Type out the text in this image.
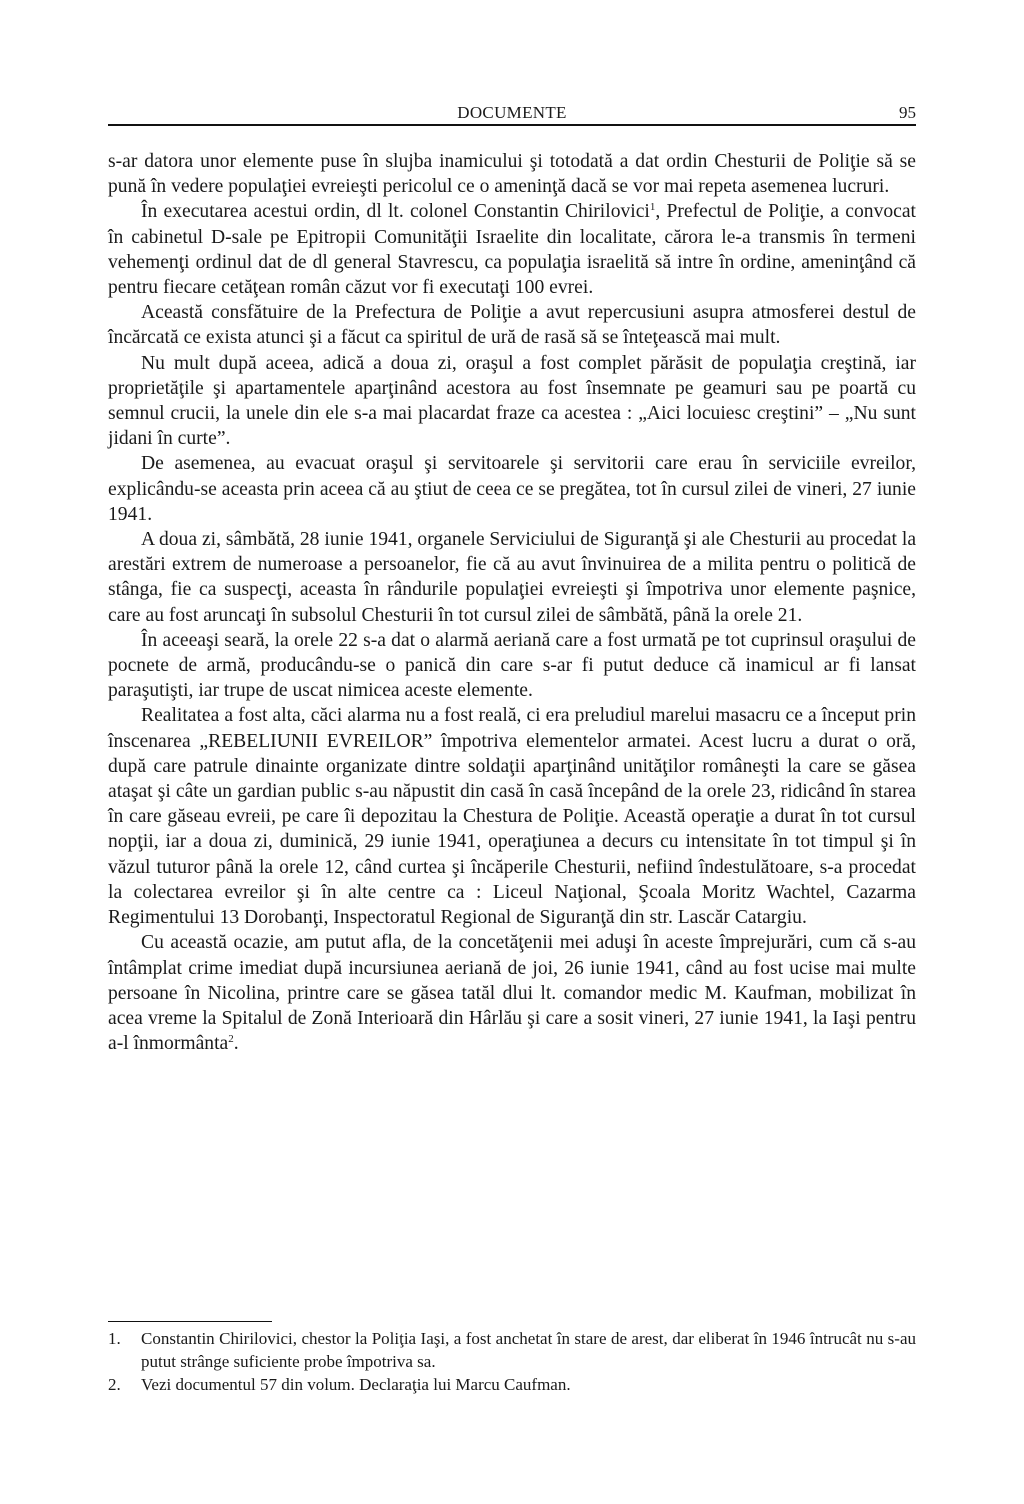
DOCUMENTE	95

s-ar datora unor elemente puse în slujba inamicului şi totodată a dat ordin Chesturii de Poliţie să se pună în vedere populaţiei evreieşti pericolul ce o ameninţă dacă se vor mai repeta asemenea lucruri.

În executarea acestui ordin, dl lt. colonel Constantin Chirilovici$^1$, Prefectul de Poliţie, a convocat în cabinetul D-sale pe Epitropii Comunităţii Israelite din localitate, cărora le-a transmis în termeni vehemenţi ordinul dat de dl general Stavrescu, ca populaţia israelită să intre în ordine, ameninţând că pentru fiecare cetăţean român căzut vor fi executaţi 100 evrei.

Această consfătuire de la Prefectura de Poliţie a avut repercusiuni asupra atmosferei destul de încărcată ce exista atunci şi a făcut ca spiritul de ură de rasă să se înteţească mai mult.

Nu mult după aceea, adică a doua zi, oraşul a fost complet părăsit de populaţia creştină, iar proprietăţile şi apartamentele aparţinând acestora au fost însemnate pe geamuri sau pe poartă cu semnul crucii, la unele din ele s-a mai placardat fraze ca acestea : „Aici locuiesc creştini” – „Nu sunt jidani în curte”.

De asemenea, au evacuat oraşul şi servitoarele şi servitorii care erau în serviciile evreilor, explicându-se aceasta prin aceea că au ştiut de ceea ce se pregătea, tot în cursul zilei de vineri, 27 iunie 1941.

A doua zi, sâmbătă, 28 iunie 1941, organele Serviciului de Siguranţă şi ale Chesturii au procedat la arestări extrem de numeroase a persoanelor, fie că au avut învinuirea de a milita pentru o politică de stânga, fie ca suspecţi, aceasta în rândurile populaţiei evreieşti şi împotriva unor elemente paşnice, care au fost aruncaţi în subsolul Chesturii în tot cursul zilei de sâmbătă, până la orele 21.

În aceeaşi seară, la orele 22 s-a dat o alarmă aeriană care a fost urmată pe tot cuprinsul oraşului de pocnete de armă, producându-se o panică din care s-ar fi putut deduce că inamicul ar fi lansat paraşutişti, iar trupe de uscat nimicea aceste elemente.

Realitatea a fost alta, căci alarma nu a fost reală, ci era preludiul marelui masacru ce a început prin înscenarea „REBELIUNII EVREILOR” împotriva elementelor armatei. Acest lucru a durat o oră, după care patrule dinainte organizate dintre soldaţii aparţinând unităţilor româneşti la care se găsea ataşat şi câte un gardian public s-au năpustit din casă în casă începând de la orele 23, ridicând în starea în care găseau evreii, pe care îi depozitau la Chestura de Poliţie. Această operaţie a durat în tot cursul nopţii, iar a doua zi, duminică, 29 iunie 1941, operaţiunea a decurs cu intensitate în tot timpul şi în văzul tuturor până la orele 12, când curtea şi încăperile Chesturii, nefiind îndestulătoare, s-a procedat la colectarea evreilor şi în alte centre ca : Liceul Naţional, Şcoala Moritz Wachtel, Cazarma Regimentului 13 Dorobanţi, Inspectoratul Regional de Siguranţă din str. Lascăr Catargiu.

Cu această ocazie, am putut afla, de la concetăţenii mei aduşi în aceste împrejurări, cum că s-au întâmplat crime imediat după incursiunea aeriană de joi, 26 iunie 1941, când au fost ucise mai multe persoane în Nicolina, printre care se găsea tatăl dlui lt. comandor medic M. Kaufman, mobilizat în acea vreme la Spitalul de Zonă Interioară din Hârlău şi care a sosit vineri, 27 iunie 1941, la Iaşi pentru a-l înmormânta$^2$.

1. Constantin Chirilovici, chestor la Poliţia Iaşi, a fost anchetat în stare de arest, dar eliberat în 1946 întrucât nu s-au putut strânge suficiente probe împotriva sa.
2. Vezi documentul 57 din volum. Declaraţia lui Marcu Caufman.
